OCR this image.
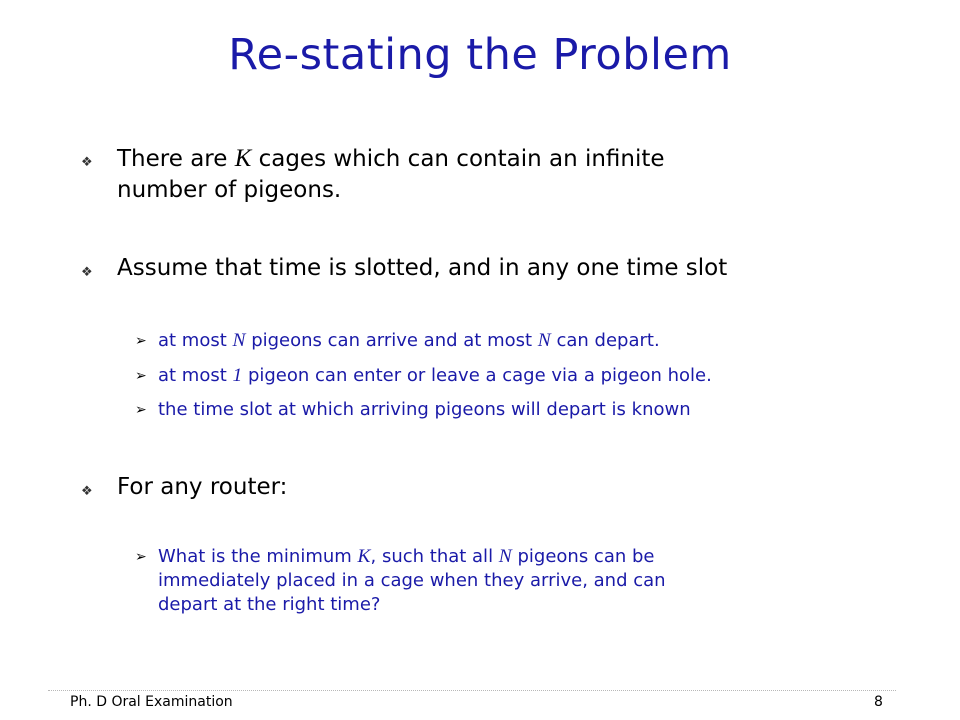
Re-stating the Problem
❖ There are K cages which can contain an infinite
number of pigeons.
❖ Assume that time is slotted, and in any one time slot
➢ at most N pigeons can arrive and at most N can depart.
➢ at most 1 pigeon can enter or leave a cage via a pigeon hole.
➢ the time slot at which arriving pigeons will depart is known
❖ For any router:
➢ What is the minimum K, such that all N pigeons can be
immediately placed in a cage when they arrive, and can
depart at the right time?
Ph. D Oral Examination	8
